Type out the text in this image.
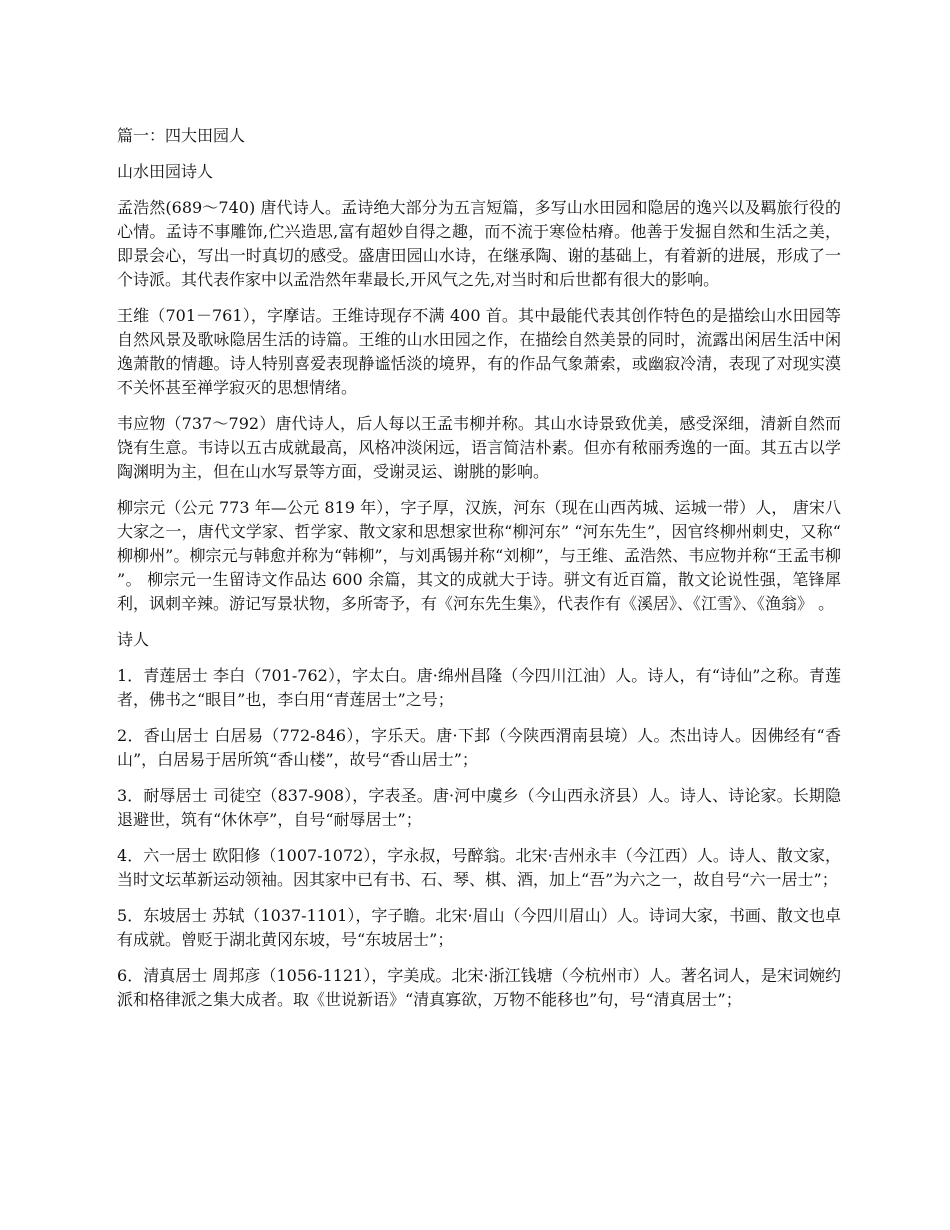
篇一：四大田园人
山水田园诗人

孟浩然(689～740) 唐代诗人。孟诗绝大部分为五言短篇，多写山水田园和隐居的逸兴以及羁旅行役的心情。孟诗不事雕饰,伫兴造思,富有超妙自得之趣，而不流于寒俭枯瘠。他善于发掘自然和生活之美，即景会心，写出一时真切的感受。盛唐田园山水诗，在继承陶、谢的基础上，有着新的进展，形成了一个诗派。其代表作家中以孟浩然年辈最长,开风气之先,对当时和后世都有很大的影响。

王维（701－761），字摩诘。王维诗现存不满 400 首。其中最能代表其创作特色的是描绘山水田园等自然风景及歌咏隐居生活的诗篇。王维的山水田园之作，在描绘自然美景的同时，流露出闲居生活中闲逸萧散的情趣。诗人特别喜爱表现静谧恬淡的境界，有的作品气象萧索，或幽寂冷清，表现了对现实漠不关怀甚至禅学寂灭的思想情绪。

韦应物（737～792）唐代诗人，后人每以王孟韦柳并称。其山水诗景致优美，感受深细，清新自然而饶有生意。韦诗以五古成就最高，风格冲淡闲远，语言简洁朴素。但亦有秾丽秀逸的一面。其五古以学陶渊明为主，但在山水写景等方面，受谢灵运、谢朓的影响。

柳宗元（公元 773 年—公元 819 年），字子厚，汉族，河东（现在山西芮城、运城一带）人， 唐宋八大家之一，唐代文学家、哲学家、散文家和思想家世称“柳河东” “河东先生”，因官终柳州刺史，又称“柳柳州”。柳宗元与韩愈并称为“韩柳”，与刘禹锡并称“刘柳”，与王维、孟浩然、韦应物并称“王孟韦柳”。 柳宗元一生留诗文作品达 600 余篇，其文的成就大于诗。骈文有近百篇，散文论说性强，笔锋犀利，讽刺辛辣。游记写景状物，多所寄予，有《河东先生集》，代表作有《溪居》、《江雪》、《渔翁》 。

诗人

1．青莲居士 李白（701-762），字太白。唐·绵州昌隆（今四川江油）人。诗人，有“诗仙”之称。青莲者，佛书之“眼目”也，李白用“青莲居士”之号；

2．香山居士 白居易（772-846），字乐天。唐·下邽（今陕西渭南县境）人。杰出诗人。因佛经有“香山”，白居易于居所筑“香山楼”，故号“香山居士”；

3．耐辱居士 司徒空（837-908），字表圣。唐·河中虞乡（今山西永济县）人。诗人、诗论家。长期隐退避世，筑有“休休亭”，自号“耐辱居士”；

4．六一居士 欧阳修（1007-1072），字永叔，号醉翁。北宋·吉州永丰（今江西）人。诗人、散文家，当时文坛革新运动领袖。因其家中已有书、石、琴、棋、酒，加上“吾”为六之一，故自号“六一居士”；

5．东坡居士 苏轼（1037-1101），字子瞻。北宋·眉山（今四川眉山）人。诗词大家，书画、散文也卓有成就。曾贬于湖北黄冈东坡，号“东坡居士”；

6．清真居士 周邦彦（1056-1121），字美成。北宋·浙江钱塘（今杭州市）人。著名词人，是宋词婉约派和格律派之集大成者。取《世说新语》“清真寡欲，万物不能移也”句，号“清真居士”；
